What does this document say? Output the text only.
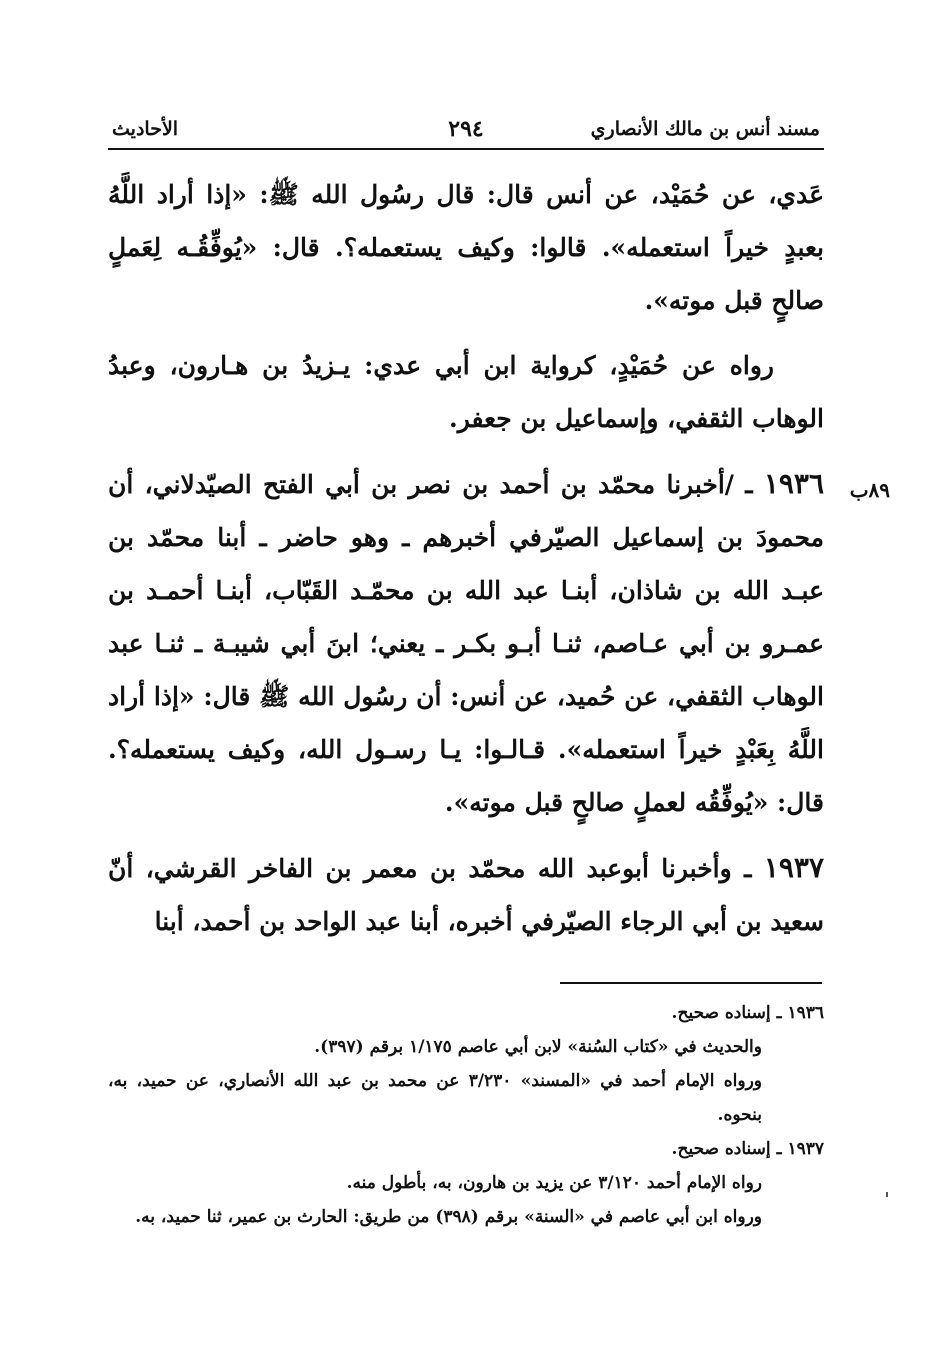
مسند أنس بن مالك الأنصاري
٢٩٤
الأحاديث

عَدي، عن حُمَيْد، عن أنس قال: قال رسُول الله ﷺ: «إذا أراد اللَّهُ بعبدٍ خيراً استعمله». قالوا: وكيف يستعمله؟. قال: «يُوفِّقُـه لِعَملٍ صالحٍ قبل موته».

رواه عن حُمَيْدٍ، كرواية ابن أبي عدي: يـزيدُ بن هـارون، وعبدُ الوهاب الثقفي، وإسماعيل بن جعفر.

١٩٣٦ ـ /أخبرنا محمّد بن أحمد بن نصر بن أبي الفتح الصيّدلاني، أن محمودَ بن إسماعيل الصيّرفي أخبرهم ـ وهو حاضر ـ أبنا محمّد بن عبـد الله بن شاذان، أبنـا عبد الله بن محمّـد القَبّاب، أبنـا أحمـد بن عمـرو بن أبي عـاصم، ثنـا أبـو بكـر ـ يعني؛ ابنَ أبي شيبـة ـ ثنـا عبد الوهاب الثقفي، عن حُميد، عن أنس: أن رسُول الله ﷺ قال: «إذا أراد اللَّهُ بِعَبْدٍ خيراً استعمله». قـالـوا: يـا رسـول الله، وكيف يستعمله؟. قال: «يُوفِّقُه لعملٍ صالحٍ قبل موته».

١٩٣٧ ـ وأخبرنا أبوعبد الله محمّد بن معمر بن الفاخر القرشي، أنّ سعيد بن أبي الرجاء الصيّرفي أخبره، أبنا عبد الواحد بن أحمد، أبنا

٨٩ب

١٩٣٦ ـ إسناده صحيح.

والحديث في «كتاب السُنة» لابن أبي عاصم ١/١٧٥ برقم (٣٩٧).

ورواه الإمام أحمد في «المسند» ٣/٢٣٠ عن محمد بن عبد الله الأنصاري، عن حميد، به، بنحوه.

١٩٣٧ ـ إسناده صحيح.

رواه الإمام أحمد ٣/١٢٠ عن يزيد بن هارون، به، بأطول منه.

ورواه ابن أبي عاصم في «السنة» برقم (٣٩٨) من طريق: الحارث بن عمير، ثنا حميد، به.
